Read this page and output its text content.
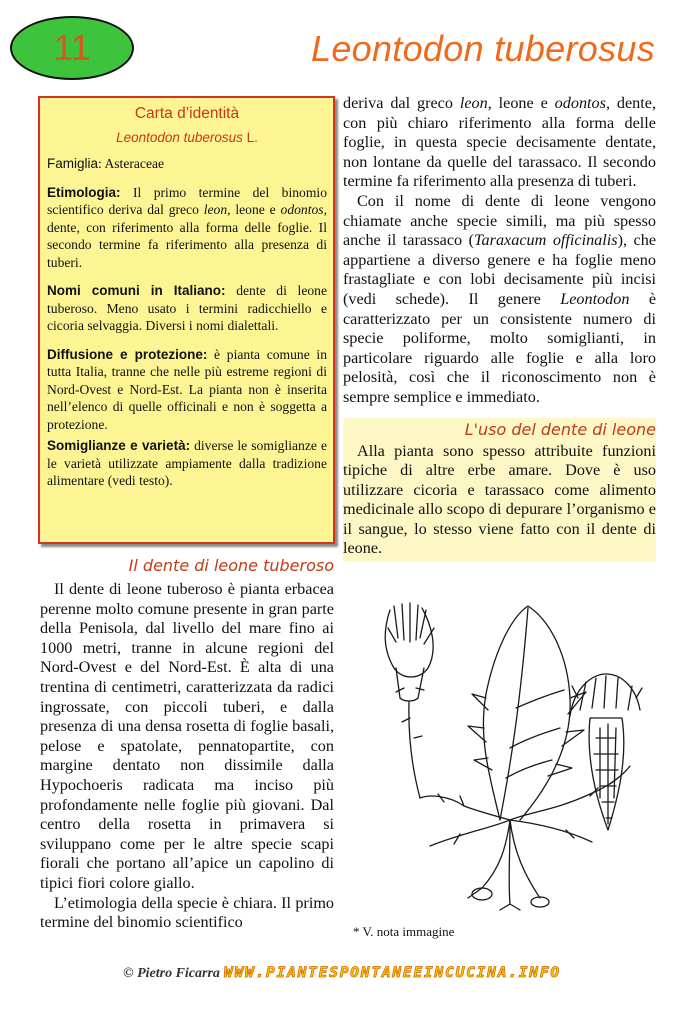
11	Leontodon tuberosus
Carta d’identità
Leontodon tuberosus L.

Famiglia: Asteraceae

Etimologia: Il primo termine del binomio scientifico deriva dal greco leon, leone e odontos, dente, con riferimento alla forma delle foglie. Il secondo termine fa riferimento alla presenza di tuberi.

Nomi comuni in Italiano: dente di leone tuberoso. Meno usato i termini radicchiello e cicoria selvaggia. Diversi i nomi dialettali.

Diffusione e protezione: è pianta comune in tutta Italia, tranne che nelle più estreme regioni di Nord-Ovest e Nord-Est. La pianta non è inserita nell’elenco di quelle officinali e non è soggetta a protezione.

Somiglianze e varietà: diverse le somiglianze e le varietà utilizzate ampiamente dalla tradizione alimentare (vedi testo).

Il dente di leone tuberoso

Il dente di leone tuberoso è pianta erbacea perenne molto comune presente in gran parte della Penisola, dal livello del mare fino ai 1000 metri, tranne in alcune regioni del Nord-Ovest e del Nord-Est. È alta di una trentina di centimetri, caratterizzata da radici ingrossate, con piccoli tuberi, e dalla presenza di una densa rosetta di foglie basali, pelose e spatolate, pennatopartite, con margine dentato non dissimile dalla Hypochoeris radicata ma inciso più profondamente nelle foglie più giovani. Dal centro della rosetta in primavera si sviluppano come per le altre specie scapi fiorali che portano all’apice un capolino di tipici fiori colore giallo.

L’etimologia della specie è chiara. Il primo termine del binomio scientifico

deriva dal greco leon, leone e odontos, dente, con più chiaro riferimento alla forma delle foglie, in questa specie decisamente dentate, non lontane da quelle del tarassaco. Il secondo termine fa riferimento alla presenza di tuberi.

Con il nome di dente di leone vengono chiamate anche specie simili, ma più spesso anche il tarassaco (Taraxacum officinalis), che appartiene a diverso genere e ha foglie meno frastagliate e con lobi decisamente più incisi (vedi schede). Il genere Leontodon è caratterizzato per un consistente numero di specie poliforme, molto somiglianti, in particolare riguardo alle foglie e alla loro pelosità, così che il riconoscimento non è sempre semplice e immediato.

L'uso del dente di leone

Alla pianta sono spesso attribuite funzioni tipiche di altre erbe amare. Dove è uso utilizzare cicoria e tarassaco come alimento medicinale allo scopo di depurare l’organismo e il sangue, lo stesso viene fatto con il dente di leone.

* V. nota immagine
© Pietro Ficarra WWW.PIANTESPONTANEEINCUCINA.INFO
